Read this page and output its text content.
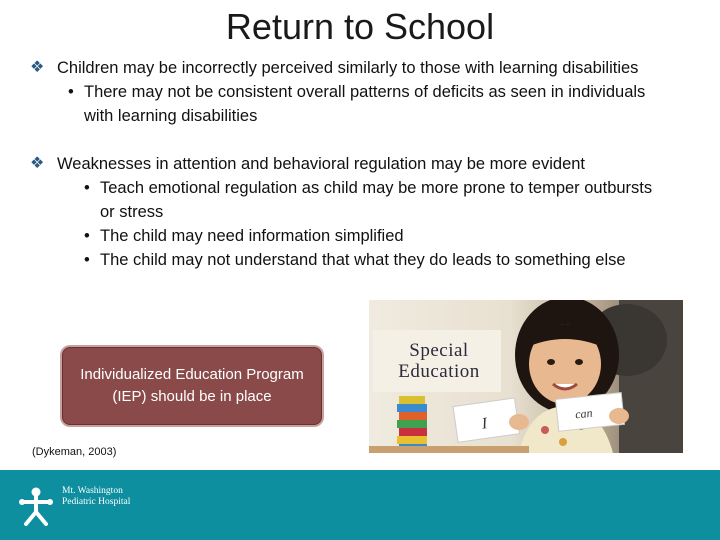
Return to School
❖ Children may be incorrectly perceived similarly to those with learning disabilities
• There may not be consistent overall patterns of deficits as seen in individuals with learning disabilities
❖ Weaknesses in attention and behavioral regulation may be more evident
• Teach emotional regulation as child may be more prone to temper outbursts or stress
• The child may need information simplified
• The child may not understand that what they do leads to something else
Individualized Education Program (IEP) should be in place
(Dykeman, 2003)
I
can
Special Education
Mt. Washington
Pediatric Hospital
